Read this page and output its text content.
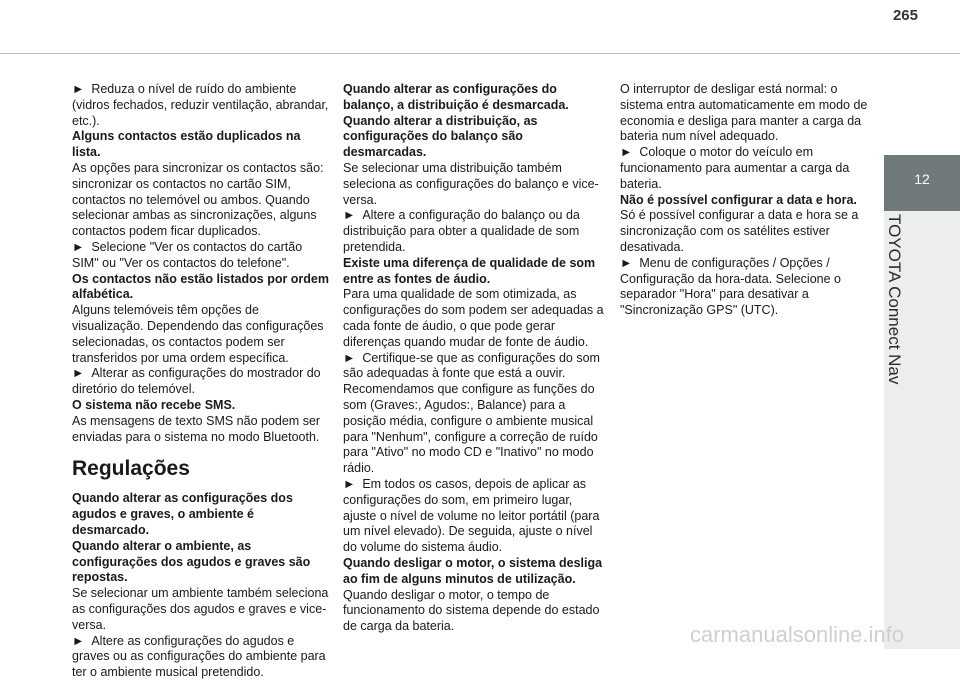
265
12
TOYOTA Connect Nav

►  Reduza o nível de ruído do ambiente (vidros fechados, reduzir ventilação, abrandar, etc.).

Alguns contactos estão duplicados na lista.

As opções para sincronizar os contactos são: sincronizar os contactos no cartão SIM, contactos no telemóvel ou ambos. Quando selecionar ambas as sincronizações, alguns contactos podem ficar duplicados.

►  Selecione "Ver os contactos do cartão SIM" ou "Ver os contactos do telefone".

Os contactos não estão listados por ordem alfabética.

Alguns telemóveis têm opções de visualização. Dependendo das configurações selecionadas, os contactos podem ser transferidos por uma ordem específica.

►  Alterar as configurações do mostrador do diretório do telemóvel.

O sistema não recebe SMS.

As mensagens de texto SMS não podem ser enviadas para o sistema no modo Bluetooth.

Regulações

Quando alterar as configurações dos agudos e graves, o ambiente é desmarcado.

Quando alterar o ambiente, as configurações dos agudos e graves são repostas.

Se selecionar um ambiente também seleciona as configurações dos agudos e graves e vice-versa.

►  Altere as configurações do agudos e graves ou as configurações do ambiente para ter o ambiente musical pretendido.

Quando alterar as configurações do balanço, a distribuição é desmarcada.

Quando alterar a distribuição, as configurações do balanço são desmarcadas.

Se selecionar uma distribuição também seleciona as configurações do balanço e vice-versa.

►  Altere a configuração do balanço ou da distribuição para obter a qualidade de som pretendida.

Existe uma diferença de qualidade de som entre as fontes de áudio.

Para uma qualidade de som otimizada, as configurações do som podem ser adequadas a cada fonte de áudio, o que pode gerar diferenças quando mudar de fonte de áudio.

►  Certifique-se que as configurações do som são adequadas à fonte que está a ouvir. Recomendamos que configure as funções do som (Graves:, Agudos:, Balance) para a posição média, configure o ambiente musical para "Nenhum", configure a correção de ruído para "Ativo" no modo CD e "Inativo" no modo rádio.

►  Em todos os casos, depois de aplicar as configurações do som, em primeiro lugar, ajuste o nível de volume no leitor portátil (para um nível elevado). De seguida, ajuste o nível do volume do sistema áudio.

Quando desligar o motor, o sistema desliga ao fim de alguns minutos de utilização.

Quando desligar o motor, o tempo de funcionamento do sistema depende do estado de carga da bateria.

O interruptor de desligar está normal: o sistema entra automaticamente em modo de economia e desliga para manter a carga da bateria num nível adequado.

►  Coloque o motor do veículo em funcionamento para aumentar a carga da bateria.

Não é possível configurar a data e hora.

Só é possível configurar a data e hora se a sincronização com os satélites estiver desativada.

►  Menu de configurações / Opções / Configuração da hora-data. Selecione o separador "Hora" para desativar a "Sincronização GPS" (UTC).

carmanualsonline.info
